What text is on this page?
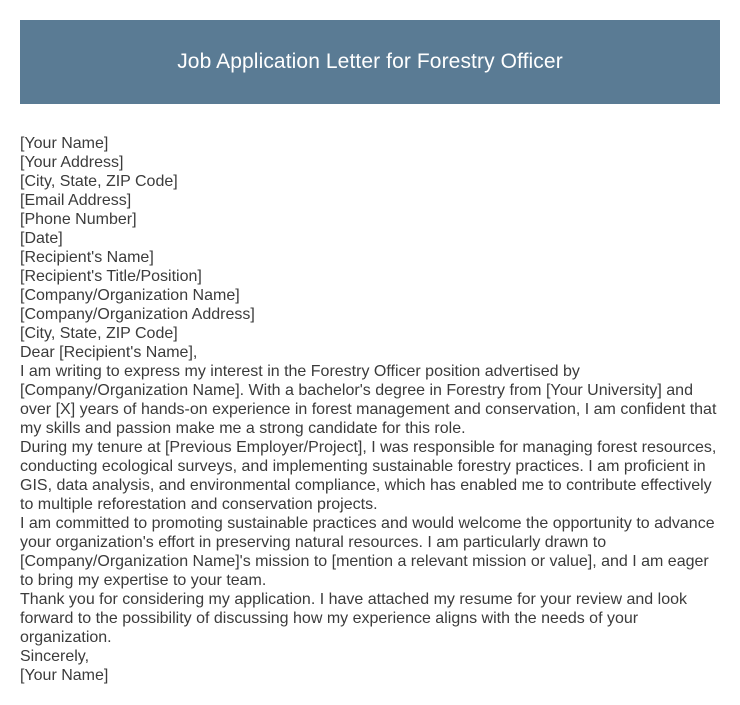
Job Application Letter for Forestry Officer
[Your Name]
[Your Address]
[City, State, ZIP Code]
[Email Address]
[Phone Number]
[Date]
[Recipient's Name]
[Recipient's Title/Position]
[Company/Organization Name]
[Company/Organization Address]
[City, State, ZIP Code]
Dear [Recipient's Name],
I am writing to express my interest in the Forestry Officer position advertised by [Company/Organization Name]. With a bachelor's degree in Forestry from [Your University] and over [X] years of hands-on experience in forest management and conservation, I am confident that my skills and passion make me a strong candidate for this role.
During my tenure at [Previous Employer/Project], I was responsible for managing forest resources, conducting ecological surveys, and implementing sustainable forestry practices. I am proficient in GIS, data analysis, and environmental compliance, which has enabled me to contribute effectively to multiple reforestation and conservation projects.
I am committed to promoting sustainable practices and would welcome the opportunity to advance your organization's effort in preserving natural resources. I am particularly drawn to [Company/Organization Name]'s mission to [mention a relevant mission or value], and I am eager to bring my expertise to your team.
Thank you for considering my application. I have attached my resume for your review and look forward to the possibility of discussing how my experience aligns with the needs of your organization.
Sincerely,
[Your Name]
